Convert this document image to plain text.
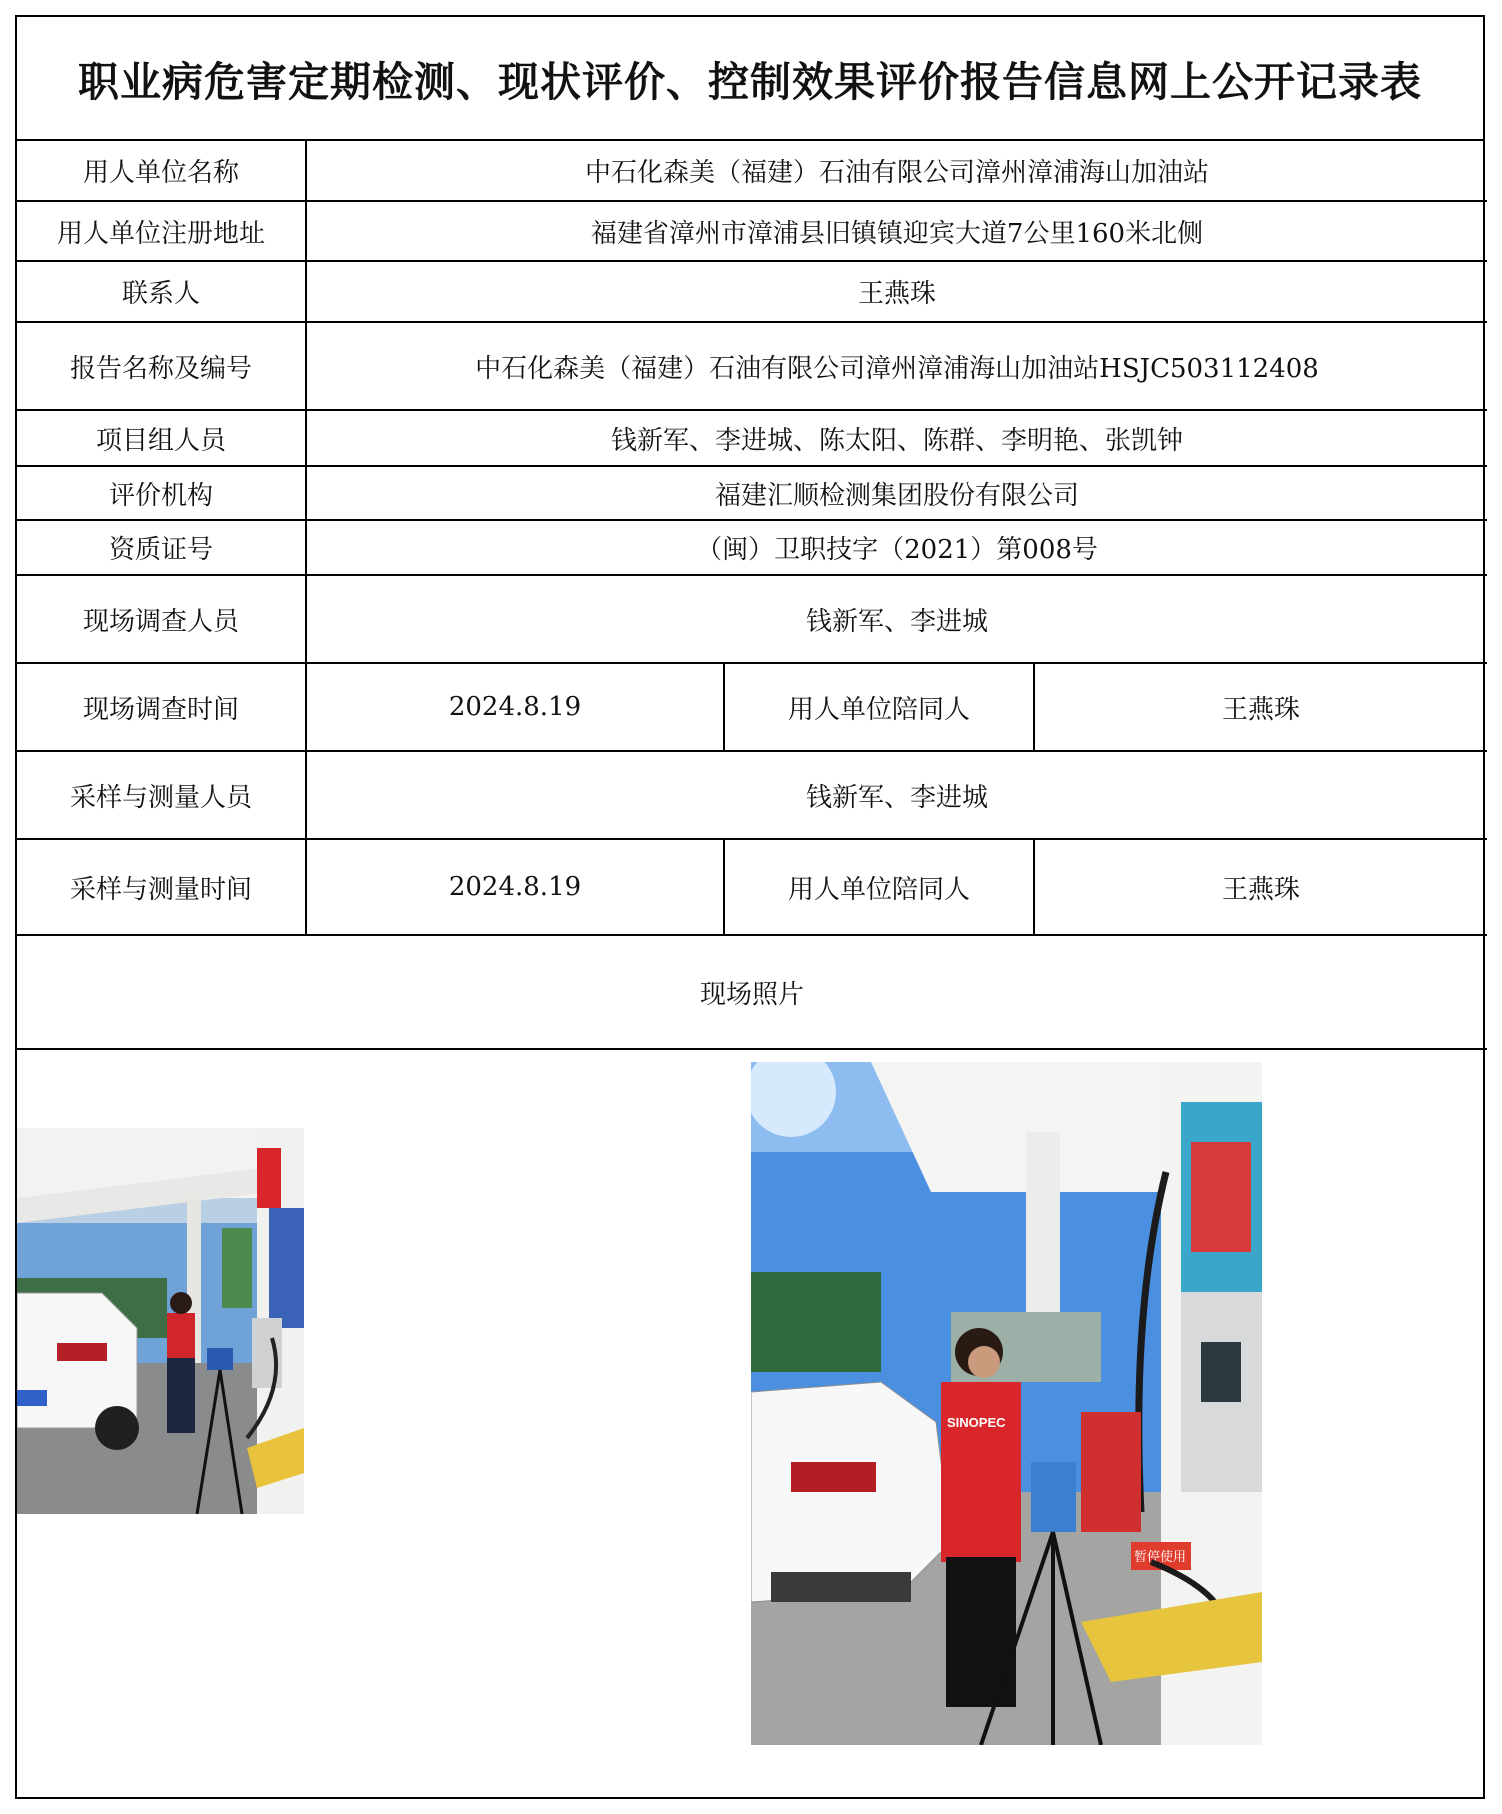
职业病危害定期检测、现状评价、控制效果评价报告信息网上公开记录表
用人单位名称	中石化森美（福建）石油有限公司漳州漳浦海山加油站		
用人单位注册地址	福建省漳州市漳浦县旧镇镇迎宾大道7公里160米北侧		
联系人	王燕珠		
报告名称及编号	中石化森美（福建）石油有限公司漳州漳浦海山加油站HSJC503112408		
项目组人员	钱新军、李进城、陈太阳、陈群、李明艳、张凯钟		
评价机构	福建汇顺检测集团股份有限公司		
资质证号	（闽）卫职技字（2021）第008号		
现场调查人员	钱新军、李进城		
现场调查时间	2024.8.19	用人单位陪同人	王燕珠
采样与测量人员	钱新军、李进城		
采样与测量时间	2024.8.19	用人单位陪同人	王燕珠
现场照片			
SINOPEC
暂停使用
